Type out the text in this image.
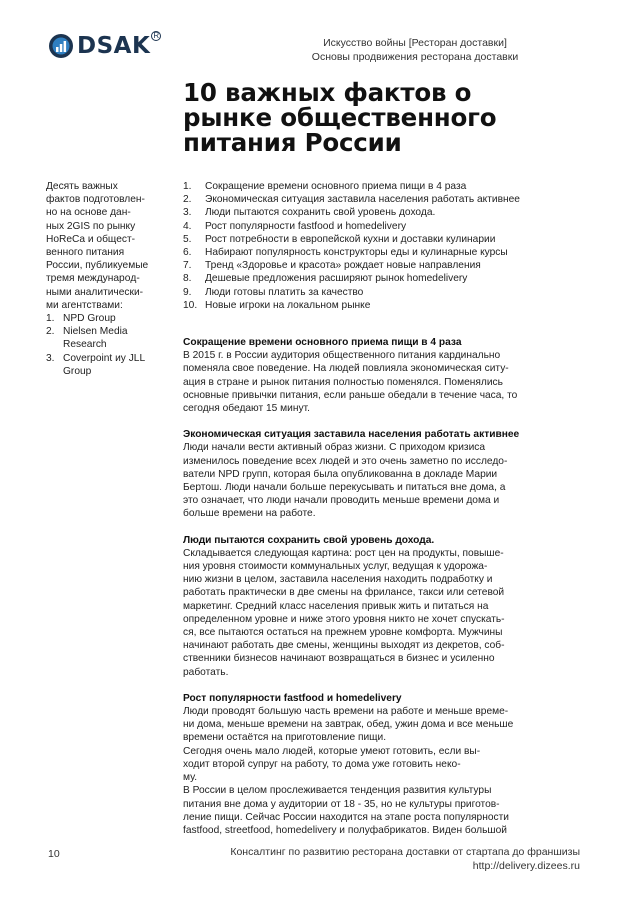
DSAK R
Искусство войны [Ресторан доставки]
Основы продвижения ресторана доставки
10 важных фактов о
рынке общественного
питания России
Десять важных
фактов подготовлен-
но на основе дан-
ных 2GIS по рынку
HoReCa и общест-
венного питания
России, публикуемые
тремя междунарoд-
ными аналитически-
ми агентствами:
1. NPD Group
2. Nielsen Media
Research
3. Coverpoint иу JLL
Group
1.	Сокращение времени основного приема пищи в 4 раза
2.	Экономическая ситуация заставила населения работать активнее
3.	Люди пытаются сохранить свой уровень дохода.
4.	Рост популярности fastfood и homedelivery
5.	Рост потребности в европейской кухни и доставки кулинарии
6.	Набирают популярность конструкторы еды и кулинарные курсы
7.	Тренд «Здоровье и красота» рождает новые направления
8.	Дешевые предложения расширяют рынок homedelivery
9.	Люди готовы платить за качество
10. Новые игроки на локальном рынке
Сокращение времени основного приема пищи в 4 раза
В 2015 г. в России аудитория общественного питания кардинально
поменяла свое поведение. На людей повлияла экономическая ситу-
ация в стране и рынок питания полностью поменялся. Поменялись
основные привычки питания, если раньше обедали в течение часа, то
сегодня обедают 15 минут.
Экономическая ситуация заставила населения работать активнее
Люди начали вести активный образ жизни. С приходом кризиса
изменилось поведение всех людей и это очень заметно по исследо-
ватели NPD групп, которая была опубликованна в докладе Марии
Бертош. Люди начали больше перекусывать и питаться вне дома, а
это означает, что люди начали проводить меньше времени дома и
больше времени на работе.
Люди пытаются сохранить свой уровень дохода.
Складывается следующая картина: рост цен на продукты, повыше-
ния уровня стоимости коммунальных услуг, ведущая к удорожа-
нию жизни в целом, заставила населения находить подработку и
работать практически в две смены на фрилансе, такси или сетевой
маркетинг. Средний класс населения привык жить и питаться на
определенном уровне и ниже этого уровня никто не хочет спускать-
ся, все пытаются остаться на прежнем уровне комфорта. Мужчины
начинают работать две смены, женщины выходят из декретов, соб-
ственники бизнесов начинают возвращаться в бизнес и усиленно
работать.
Рост популярности fastfood и homedelivery
Люди проводят большую часть времени на работе и меньше време-
ни дома, меньше времени на завтрак, обед, ужин дома и все меньше
времени остаётся на приготовление пищи.
Сегодня очень мало людей, которые умеют готовить, если вы-
ходит второй супруг на работу, то дома уже готовить неко-
му.
В России в целом прослеживается тенденция развития культуры
питания вне дома у аудитории от 18 - 35, но не культуры приготов-
ление пищи. Сейчас России находится на этапе роста популярности
fastfood, streetfood, homedelivery и полуфабрикатов. Виден большой
10	Консалтинг по развитию ресторана доставки от стартапа до франшизы
http://delivery.dizees.ru
